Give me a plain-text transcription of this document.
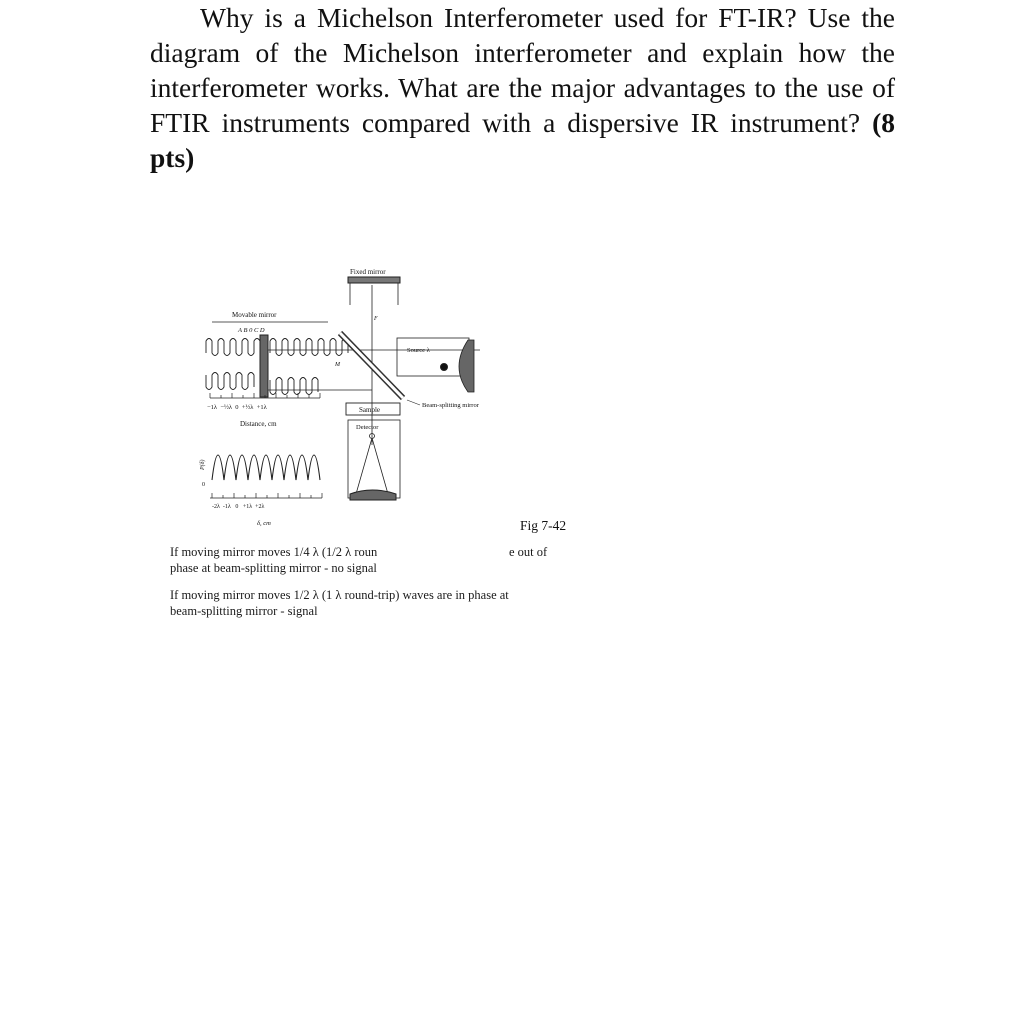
Why is a Michelson Interferometer used for FT-IR? Use the diagram of the Michelson interferometer and explain how the interferometer works. What are the major advantages to the use of FTIR instruments compared with a dispersive IR instrument? (8 pts)
Fixed mirror
F
Movable mirror
A B 0 C D
M
−1λ  −½λ  0  +½λ  +1λ
Distance, cm
Beam-splitting mirror
Source λ
Sample
Detector
P(δ)
0
-2λ  -1λ   0   +1λ  +2λ
δ, cm	Fig 7-42
If moving mirror moves 1/4 λ (1/2 λ roun	e out of
phase at beam-splitting mirror - no signal
If moving mirror moves 1/2 λ (1 λ round-trip) waves are in phase at
beam-splitting mirror - signal
